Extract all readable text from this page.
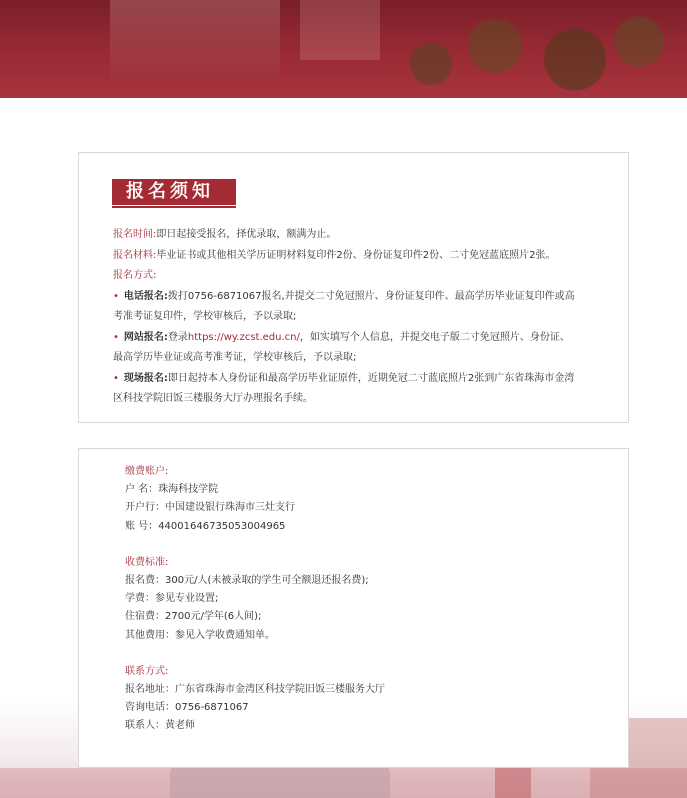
报名须知
报名时间:即日起接受报名，择优录取，额满为止。
报名材料:毕业证书或其他相关学历证明材料复印件2份、身份证复印件2份、二寸免冠蓝底照片2张。
报名方式:
• 电话报名:拨打0756-6871067报名,并提交二寸免冠照片、身份证复印件、最高学历毕业证复印件或高
考准考证复印件，学校审核后，予以录取;
• 网站报名:登录https://wy.zcst.edu.cn/，如实填写个人信息，并提交电子版二寸免冠照片、身份证、
最高学历毕业证或高考准考证，学校审核后，予以录取;
• 现场报名:即日起持本人身份证和最高学历毕业证原件，近期免冠二寸蓝底照片2张到广东省珠海市金湾
区科技学院旧饭三楼服务大厅办理报名手续。
缴费账户:
户 名：珠海科技学院
开户行：中国建设银行珠海市三灶支行
账 号：44001646735053004965
收费标准:
报名费：300元/人(未被录取的学生可全额退还报名费);
学费：参见专业设置;
住宿费：2700元/学年(6人间);
其他费用：参见入学收费通知单。
联系方式:
报名地址：广东省珠海市金湾区科技学院旧饭三楼服务大厅
咨询电话：0756-6871067
联系人：黄老师
